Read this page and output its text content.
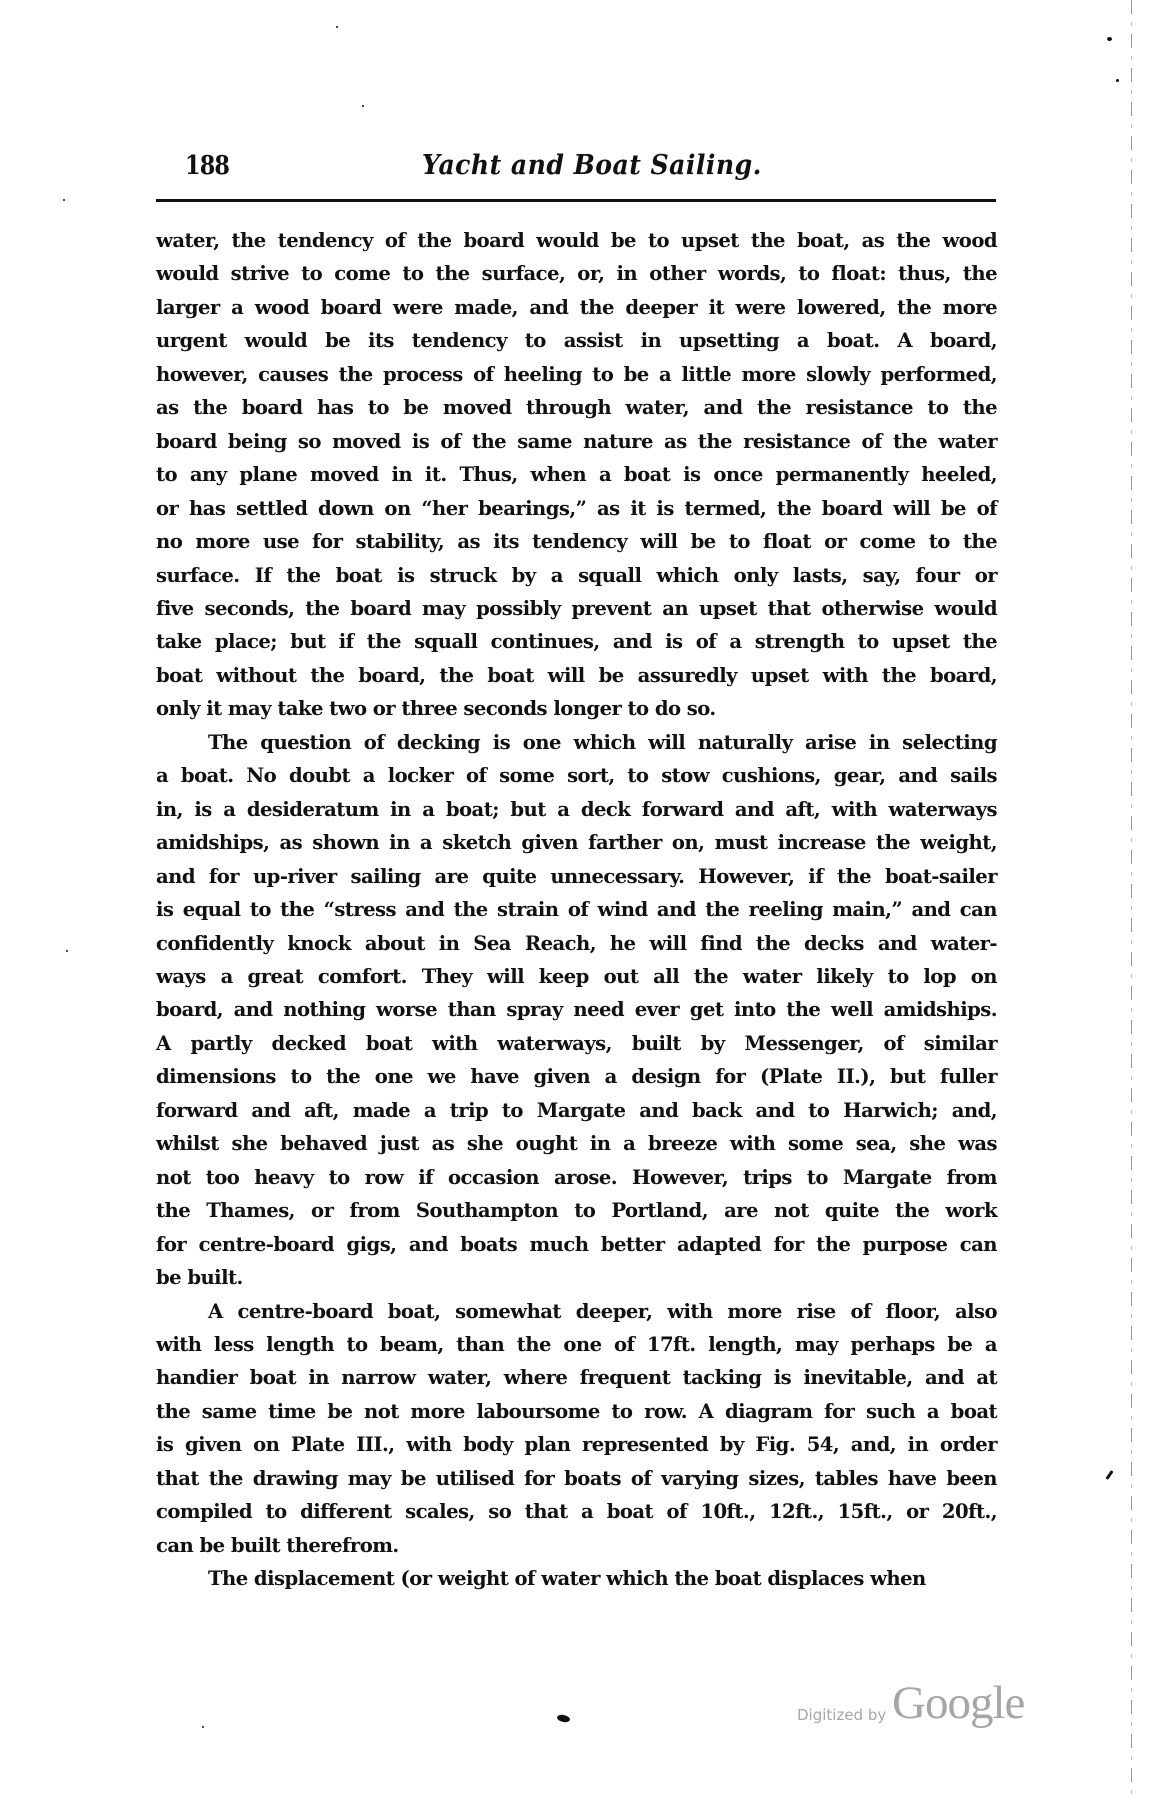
188	Yacht and Boat Sailing.
water, the tendency of the board would be to upset the boat, as the wood
would strive to come to the surface, or, in other words, to float: thus, the
larger a wood board were made, and the deeper it were lowered, the more
urgent would be its tendency to assist in upsetting a boat. A board,
however, causes the process of heeling to be a little more slowly performed,
as the board has to be moved through water, and the resistance to the
board being so moved is of the same nature as the resistance of the water
to any plane moved in it. Thus, when a boat is once permanently heeled,
or has settled down on “her bearings,” as it is termed, the board will be of
no more use for stability, as its tendency will be to float or come to the
surface. If the boat is struck by a squall which only lasts, say, four or
five seconds, the board may possibly prevent an upset that otherwise would
take place; but if the squall continues, and is of a strength to upset the
boat without the board, the boat will be assuredly upset with the board,
only it may take two or three seconds longer to do so.
The question of decking is one which will naturally arise in selecting
a boat. No doubt a locker of some sort, to stow cushions, gear, and sails
in, is a desideratum in a boat; but a deck forward and aft, with waterways
amidships, as shown in a sketch given farther on, must increase the weight,
and for up-river sailing are quite unnecessary. However, if the boat-sailer
is equal to the “stress and the strain of wind and the reeling main,” and can
confidently knock about in Sea Reach, he will find the decks and water-
ways a great comfort. They will keep out all the water likely to lop on
board, and nothing worse than spray need ever get into the well amidships.
A partly decked boat with waterways, built by Messenger, of similar
dimensions to the one we have given a design for (Plate II.), but fuller
forward and aft, made a trip to Margate and back and to Harwich; and,
whilst she behaved just as she ought in a breeze with some sea, she was
not too heavy to row if occasion arose. However, trips to Margate from
the Thames, or from Southampton to Portland, are not quite the work
for centre-board gigs, and boats much better adapted for the purpose can
be built.
A centre-board boat, somewhat deeper, with more rise of floor, also
with less length to beam, than the one of 17ft. length, may perhaps be a
handier boat in narrow water, where frequent tacking is inevitable, and at
the same time be not more laboursome to row. A diagram for such a boat
is given on Plate III., with body plan represented by Fig. 54, and, in order
that the drawing may be utilised for boats of varying sizes, tables have been
compiled to different scales, so that a boat of 10ft., 12ft., 15ft., or 20ft.,
can be built therefrom.
The displacement (or weight of water which the boat displaces when
Digitized by Google
